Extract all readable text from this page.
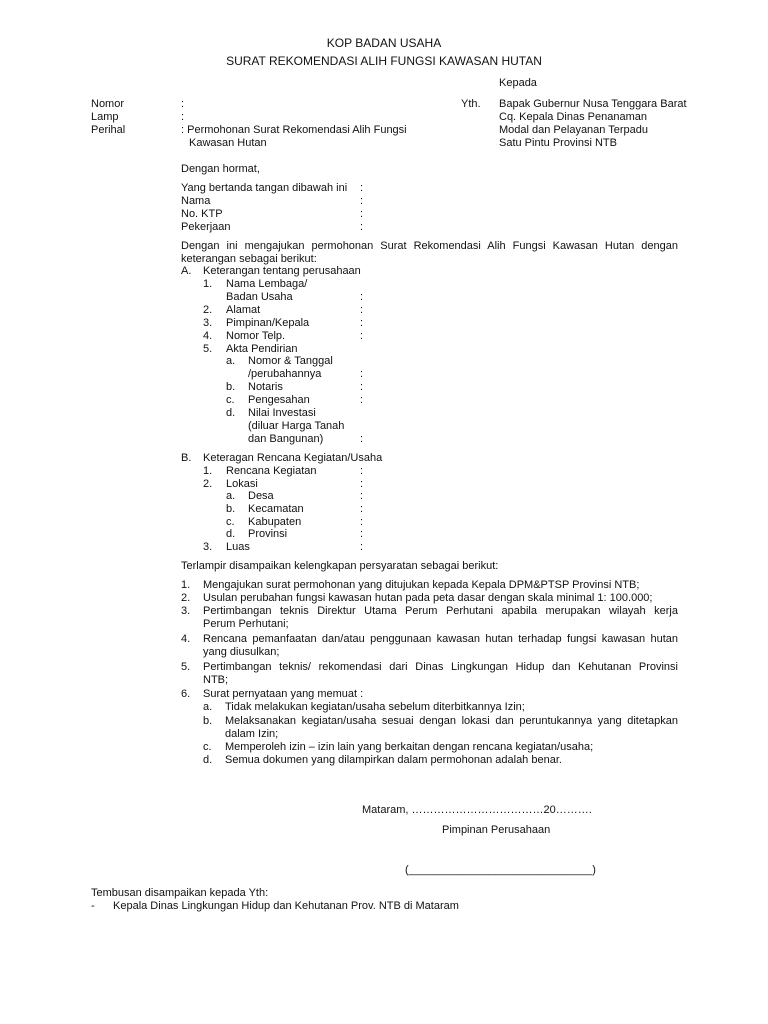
KOP BADAN USAHA
SURAT REKOMENDASI ALIH FUNGSI KAWASAN HUTAN
Kepada
Yth. Bapak Gubernur Nusa Tenggara Barat
Cq. Kepala Dinas Penanaman
Modal dan Pelayanan Terpadu
Satu Pintu Provinsi NTB
Nomor	:
Lamp	:
Perihal	: Permohonan Surat Rekomendasi Alih Fungsi
Kawasan Hutan
Dengan hormat,
Yang bertanda tangan dibawah ini :
Nama	:
No. KTP	:
Pekerjaan	:
Dengan ini mengajukan permohonan Surat Rekomendasi Alih Fungsi Kawasan Hutan dengan
keterangan sebagai berikut:
A. Keterangan tentang perusahaan
1. Nama Lembaga/
Badan Usaha	:
2. Alamat	:
3. Pimpinan/Kepala	:
4. Nomor Telp.	:
5. Akta Pendirian
a. Nomor & Tanggal
/perubahannya	:
b. Notaris	:
c. Pengesahan	:
d. Nilai Investasi
(diluar Harga Tanah
dan Bangunan)	:
B. Keteragan Rencana Kegiatan/Usaha
1. Rencana Kegiatan	:
2. Lokasi	:
a. Desa	:
b. Kecamatan	:
c. Kabupaten	:
d. Provinsi	:
3. Luas	:
Terlampir disampaikan kelengkapan persyaratan sebagai berikut:
1. Mengajukan surat permohonan yang ditujukan kepada Kepala DPM&PTSP Provinsi NTB;
2. Usulan perubahan fungsi kawasan hutan pada peta dasar dengan skala minimal 1: 100.000;
3. Pertimbangan teknis Direktur Utama Perum Perhutani apabila merupakan wilayah kerja
Perum Perhutani;
4. Rencana pemanfaatan dan/atau penggunaan kawasan hutan terhadap fungsi kawasan hutan
yang diusulkan;
5. Pertimbangan teknis/ rekomendasi dari Dinas Lingkungan Hidup dan Kehutanan Provinsi
NTB;
6. Surat pernyataan yang memuat :
a. Tidak melakukan kegiatan/usaha sebelum diterbitkannya Izin;
b. Melaksanakan kegiatan/usaha sesuai dengan lokasi dan peruntukannya yang ditetapkan
dalam Izin;
c. Memperoleh izin – izin lain yang berkaitan dengan rencana kegiatan/usaha;
d. Semua dokumen yang dilampirkan dalam permohonan adalah benar.
Mataram, ………………………………20……….
Pimpinan Perusahaan
(______________________________)
Tembusan disampaikan kepada Yth:
- Kepala Dinas Lingkungan Hidup dan Kehutanan Prov. NTB di Mataram
